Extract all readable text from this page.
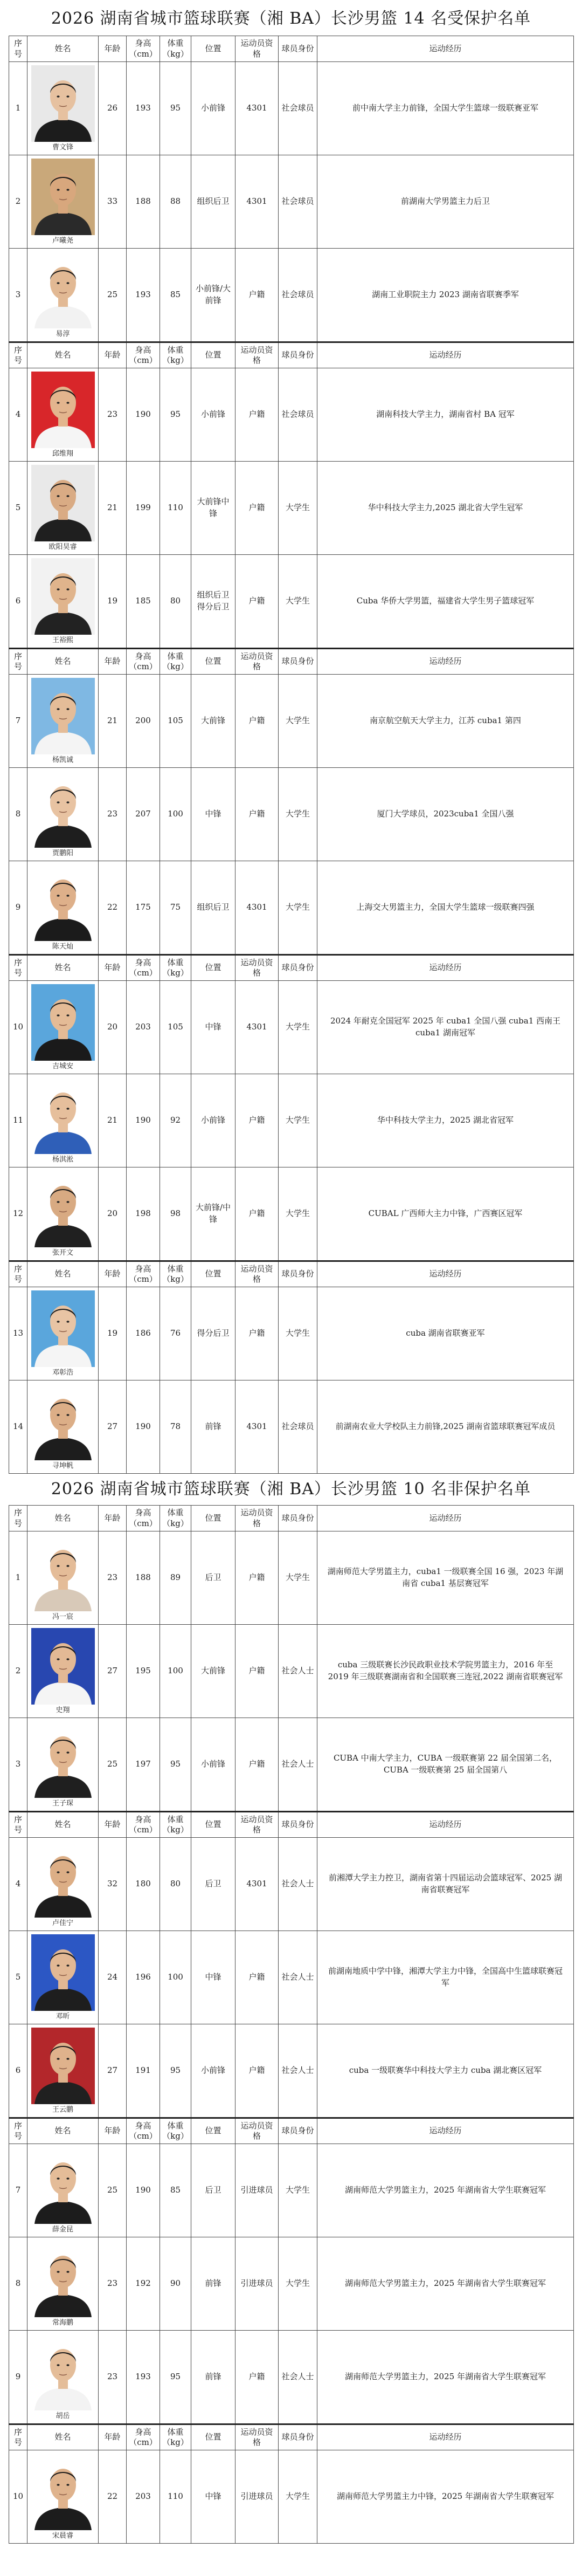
2026 湖南省城市篮球联赛（湘 BA）长沙男篮 14 名受保护名单
序号	姓名	年龄	身高（cm）	体重（kg）	位置	运动员资格	球员身份	运动经历
1	曹文锋	26	193	95	小前锋	4301	社会球员	前中南大学主力前锋，全国大学生篮球一级联赛亚军
2	卢曦尧	33	188	88	组织后卫	4301	社会球员	前湖南大学男篮主力后卫
3	易淳	25	193	85	小前锋/大前锋	户籍	社会球员	湖南工业职院主力 2023 湖南省联赛季军
序号	姓名	年龄	身高（cm）	体重（kg）	位置	运动员资格	球员身份	运动经历
4	邱维翔	23	190	95	小前锋	户籍	社会球员	湖南科技大学主力，湖南省村 BA 冠军
5	欧阳昊睿	21	199	110	大前锋中锋	户籍	大学生	华中科技大学主力,2025 湖北省大学生冠军
6	王裕熙	19	185	80	组织后卫得分后卫	户籍	大学生	Cuba 华侨大学男篮，福建省大学生男子篮球冠军
序号	姓名	年龄	身高（cm）	体重（kg）	位置	运动员资格	球员身份	运动经历
7	杨凯诚	21	200	105	大前锋	户籍	大学生	南京航空航天大学主力，江苏 cuba1 第四
8	贾鹏阳	23	207	100	中锋	户籍	大学生	厦门大学球员，2023cuba1 全国八强
9	陈天灿	22	175	75	组织后卫	4301	大学生	上海交大男篮主力，全国大学生篮球一级联赛四强
序号	姓名	年龄	身高（cm）	体重（kg）	位置	运动员资格	球员身份	运动经历
10	吉城安	20	203	105	中锋	4301	大学生	2024 年耐克全国冠军 2025 年 cuba1 全国八强 cuba1 西南王 cuba1 湖南冠军
11	杨淇淞	21	190	92	小前锋	户籍	大学生	华中科技大学主力，2025 湖北省冠军
12	张开文	20	198	98	大前锋/中锋	户籍	大学生	CUBAL 广西师大主力中锋，广西赛区冠军
序号	姓名	年龄	身高（cm）	体重（kg）	位置	运动员资格	球员身份	运动经历
13	邓彰浩	19	186	76	得分后卫	户籍	大学生	cuba 湖南省联赛亚军
14	寻坤帆	27	190	78	前锋	4301	社会球员	前湖南农业大学校队主力前锋,2025 湖南省篮球联赛冠军成员
2026 湖南省城市篮球联赛（湘 BA）长沙男篮 10 名非保护名单
序号	姓名	年龄	身高（cm）	体重（kg）	位置	运动员资格	球员身份	运动经历
1	冯一宸	23	188	89	后卫	户籍	大学生	湖南师范大学男篮主力，cuba1 一级联赛全国 16 强，2023 年湖南省 cuba1 基层赛冠军
2	史翔	27	195	100	大前锋	户籍	社会人士	cuba 三级联赛长沙民政职业技术学院男篮主力，2016 年至 2019 年三级联赛湖南省和全国联赛三连冠,2022 湖南省联赛冠军
3	王子琛	25	197	95	小前锋	户籍	社会人士	CUBA 中南大学主力，CUBA 一级联赛第 22 届全国第二名，CUBA 一级联赛第 25 届全国第八
序号	姓名	年龄	身高（cm）	体重（kg）	位置	运动员资格	球员身份	运动经历
4	卢佳宁	32	180	80	后卫	4301	社会人士	前湘潭大学主力控卫，湖南省第十四届运动会篮球冠军、2025 湖南省联赛冠军
5	邓昕	24	196	100	中锋	户籍	社会人士	前湖南地质中学中锋，湘潭大学主力中锋，全国高中生篮球联赛冠军
6	王云鹏	27	191	95	小前锋	户籍	社会人士	cuba 一级联赛华中科技大学主力 cuba 湖北赛区冠军
序号	姓名	年龄	身高（cm）	体重（kg）	位置	运动员资格	球员身份	运动经历
7	薛金昆	25	190	85	后卫	引进球员	大学生	湖南师范大学男篮主力，2025 年湖南省大学生联赛冠军
8	常海鹏	23	192	90	前锋	引进球员	大学生	湖南师范大学男篮主力，2025 年湖南省大学生联赛冠军
9	胡岳	23	193	95	前锋	户籍	社会人士	湖南师范大学男篮主力，2025 年湖南省大学生联赛冠军
序号	姓名	年龄	身高（cm）	体重（kg）	位置	运动员资格	球员身份	运动经历
10	宋晨睿	22	203	110	中锋	引进球员	大学生	湖南师范大学男篮主力中锋，2025 年湖南省大学生联赛冠军
